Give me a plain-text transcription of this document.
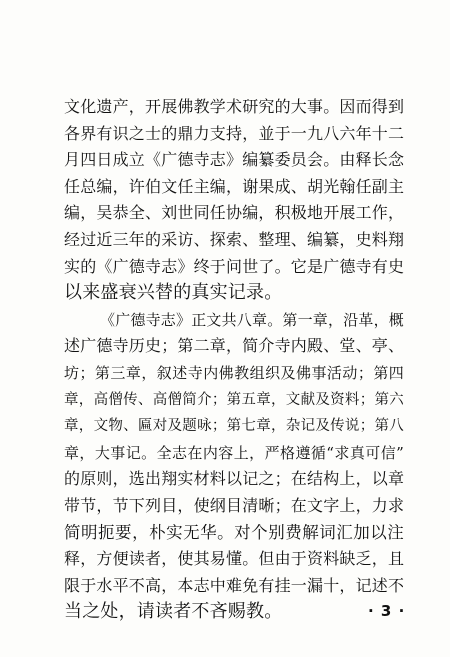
文化遗产，开展佛教学术研究的大事。因而得到
各界有识之士的鼎力支持，並于一九八六年十二
月四日成立《广德寺志》编纂委员会。由释长念
任总编，许伯文任主编，谢果成、胡光翰任副主
编，吴恭全、刘世同任协编，积极地开展工作，
经过近三年的采访、探索、整理、编纂，史料翔
实的《广德寺志》终于问世了。它是广德寺有史
以来盛衰兴替的真实记录。
《广德寺志》正文共八章。第一章，沿革，概
述广德寺历史；第二章，简介寺内殿、堂、亭、
坊；第三章，叙述寺内佛教组织及佛事活动；第四
章，高僧传、高僧简介；第五章，文献及资料；第六
章，文物、匾对及题咏；第七章，杂记及传说；第八
章，大事记。全志在内容上，严格遵循“求真可信”
的原则，选出翔实材料以记之；在结构上，以章
带节，节下列目，使纲目清晰；在文字上，力求
简明扼要，朴实无华。对个别费解词汇加以注
释，方便读者，使其易懂。但由于资料缺乏，且
限于水平不高，本志中难免有挂一漏十，记述不
当之处，请读者不吝赐教。	· 3 ·
